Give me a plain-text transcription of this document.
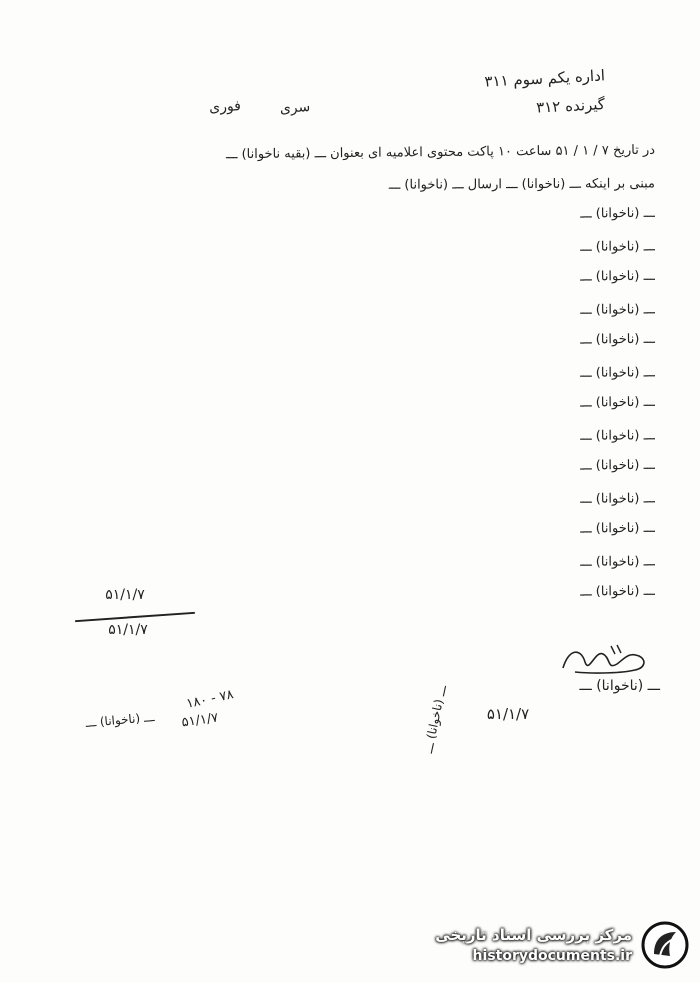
اداره یکم سوم ۳۱۱
گیرنده ۳۱۲
سری
فوری
در تاریخ ۷ / ۱ / ۵۱ ساعت ۱۰ پاکت محتوی اعلامیه ای بعنوان ـــ (بقیه ناخوانا) ـــ
مبنی بر اینکه ـــ (ناخوانا) ـــ ارسال ـــ (ناخوانا) ـــ
ـــ (ناخوانا) ـــ
ـــ (ناخوانا) ـــ
ـــ (ناخوانا) ـــ
ـــ (ناخوانا) ـــ
ـــ (ناخوانا) ـــ
ـــ (ناخوانا) ـــ
ـــ (ناخوانا) ـــ
ـــ (ناخوانا) ـــ
ـــ (ناخوانا) ـــ
ـــ (ناخوانا) ـــ
ـــ (ناخوانا) ـــ
ـــ (ناخوانا) ـــ
ـــ (ناخوانا) ـــ
۵۱/۱/۷
۵۱/۱/۷
ـــ (ناخوانا) ـــ
۵۱/۱/۷
ـــ (ناخوانا) ـــ
۱۸۰ - ۷۸
۵۱/۱/۷
ـــ (ناخوانا) ـــ
مرکز بررسی اسناد تاریخی
historydocuments.ir
